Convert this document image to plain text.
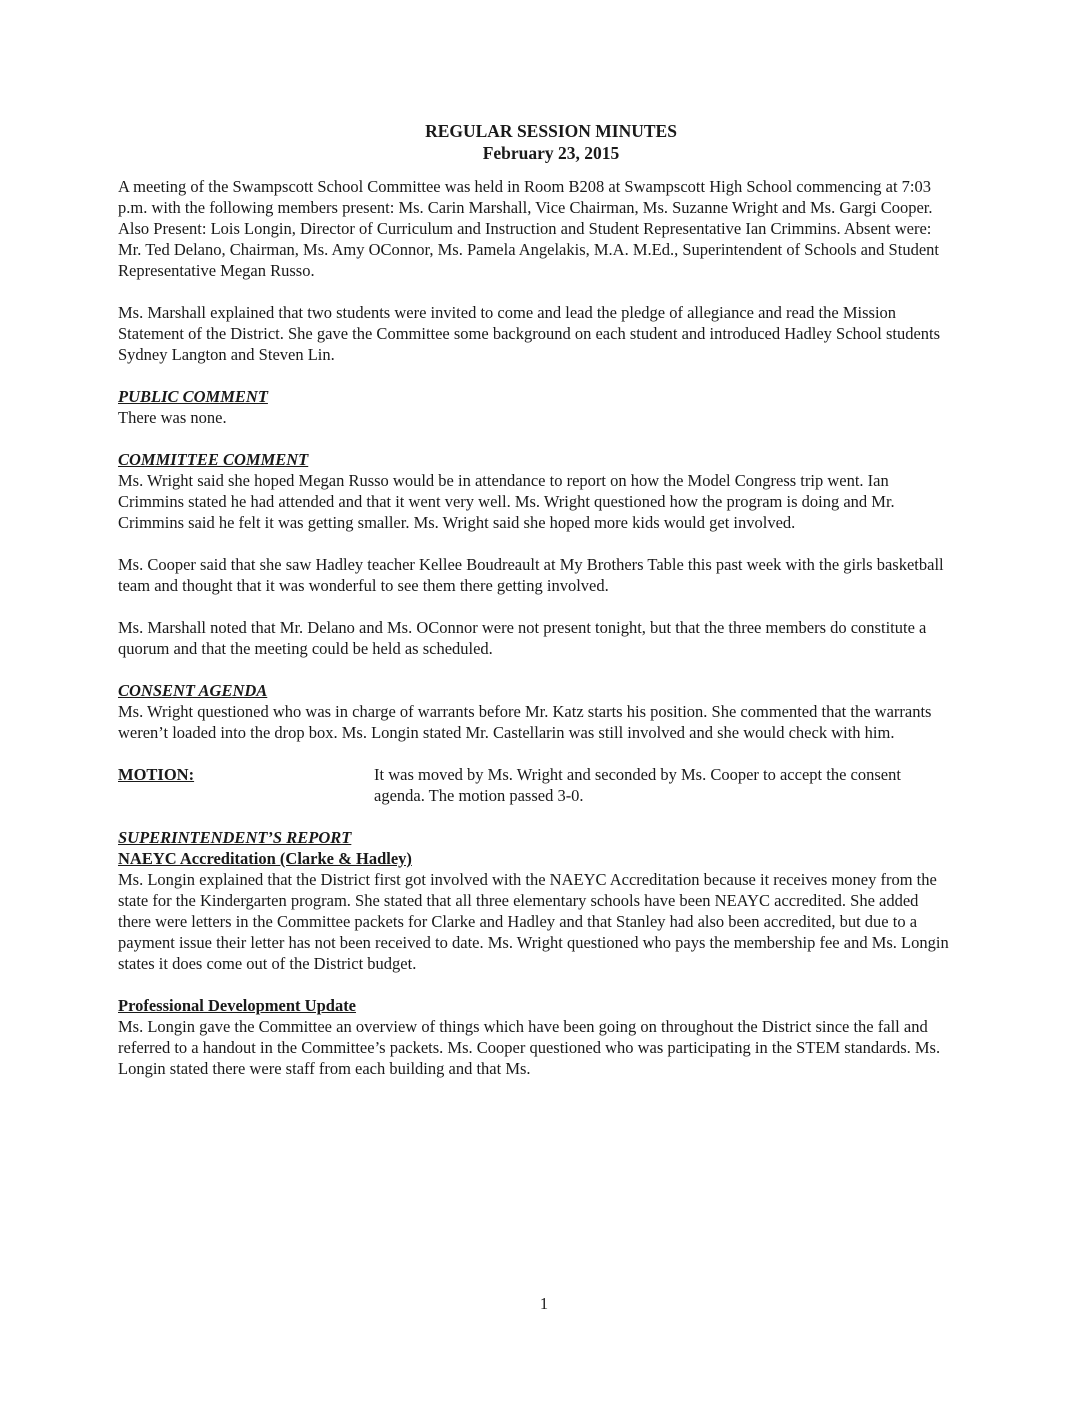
REGULAR SESSION MINUTES
February 23, 2015

A meeting of the Swampscott School Committee was held in Room B208 at Swampscott High School commencing at 7:03 p.m. with the following members present: Ms. Carin Marshall, Vice Chairman, Ms. Suzanne Wright and Ms. Gargi Cooper. Also Present: Lois Longin, Director of Curriculum and Instruction and Student Representative Ian Crimmins. Absent were: Mr. Ted Delano, Chairman, Ms. Amy OConnor, Ms. Pamela Angelakis, M.A. M.Ed., Superintendent of Schools and Student Representative Megan Russo.

Ms. Marshall explained that two students were invited to come and lead the pledge of allegiance and read the Mission Statement of the District. She gave the Committee some background on each student and introduced Hadley School students Sydney Langton and Steven Lin.

PUBLIC COMMENT

There was none.

COMMITTEE COMMENT

Ms. Wright said she hoped Megan Russo would be in attendance to report on how the Model Congress trip went. Ian Crimmins stated he had attended and that it went very well. Ms. Wright questioned how the program is doing and Mr. Crimmins said he felt it was getting smaller. Ms. Wright said she hoped more kids would get involved.

Ms. Cooper said that she saw Hadley teacher Kellee Boudreault at My Brothers Table this past week with the girls basketball team and thought that it was wonderful to see them there getting involved.

Ms. Marshall noted that Mr. Delano and Ms. OConnor were not present tonight, but that the three members do constitute a quorum and that the meeting could be held as scheduled.

CONSENT AGENDA

Ms. Wright questioned who was in charge of warrants before Mr. Katz starts his position. She commented that the warrants weren’t loaded into the drop box. Ms. Longin stated Mr. Castellarin was still involved and she would check with him.

MOTION:	It was moved by Ms. Wright and seconded by Ms. Cooper to accept the consent agenda. The motion passed 3-0.
SUPERINTENDENT’S REPORT
NAEYC Accreditation (Clarke & Hadley)

Ms. Longin explained that the District first got involved with the NAEYC Accreditation because it receives money from the state for the Kindergarten program. She stated that all three elementary schools have been NEAYC accredited. She added there were letters in the Committee packets for Clarke and Hadley and that Stanley had also been accredited, but due to a payment issue their letter has not been received to date. Ms. Wright questioned who pays the membership fee and Ms. Longin states it does come out of the District budget.

Professional Development Update

Ms. Longin gave the Committee an overview of things which have been going on throughout the District since the fall and referred to a handout in the Committee’s packets. Ms. Cooper questioned who was participating in the STEM standards. Ms. Longin stated there were staff from each building and that Ms.

1
